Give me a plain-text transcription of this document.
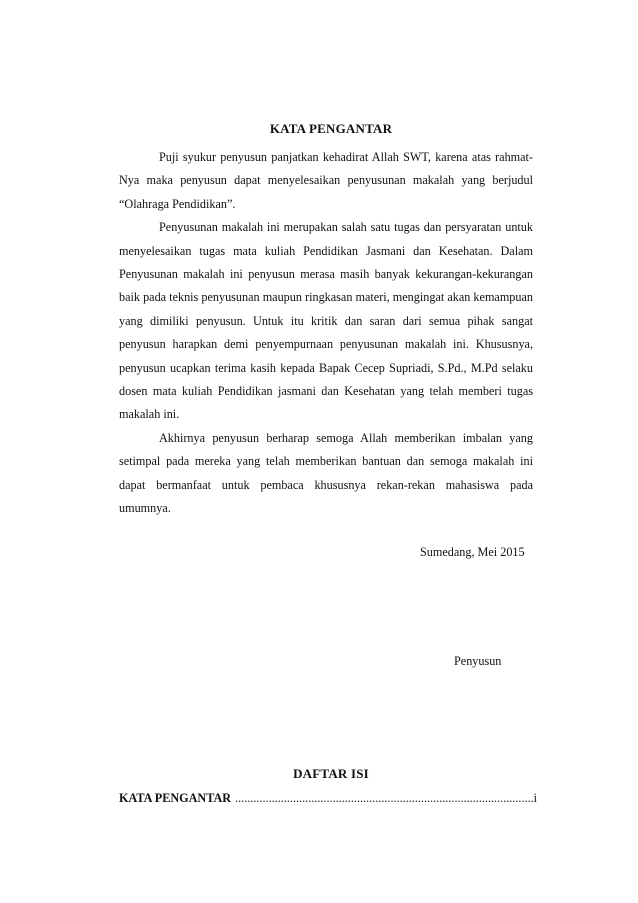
KATA PENGANTAR

Puji syukur penyusun panjatkan kehadirat Allah SWT, karena atas rahmat-Nya maka penyusun dapat menyelesaikan penyusunan makalah yang berjudul “Olahraga Pendidikan”.

Penyusunan makalah ini merupakan salah satu tugas dan persyaratan untuk menyelesaikan tugas mata kuliah Pendidikan Jasmani dan Kesehatan. Dalam Penyusunan makalah ini penyusun merasa masih banyak kekurangan-kekurangan baik pada teknis penyusunan maupun ringkasan materi, mengingat akan kemampuan yang dimiliki penyusun. Untuk itu kritik dan saran dari semua pihak sangat penyusun harapkan demi penyempurnaan penyusunan makalah ini. Khususnya, penyusun ucapkan terima kasih kepada Bapak Cecep Supriadi, S.Pd., M.Pd selaku dosen mata kuliah Pendidikan jasmani dan Kesehatan yang telah memberi tugas makalah ini.

Akhirnya penyusun berharap semoga Allah memberikan imbalan yang setimpal pada mereka yang telah memberikan bantuan dan semoga makalah ini dapat bermanfaat untuk pembaca khususnya rekan-rekan mahasiswa pada umumnya.

Sumedang, Mei 2015
Penyusun
DAFTAR ISI
KATA PENGANTAR
.....	i
